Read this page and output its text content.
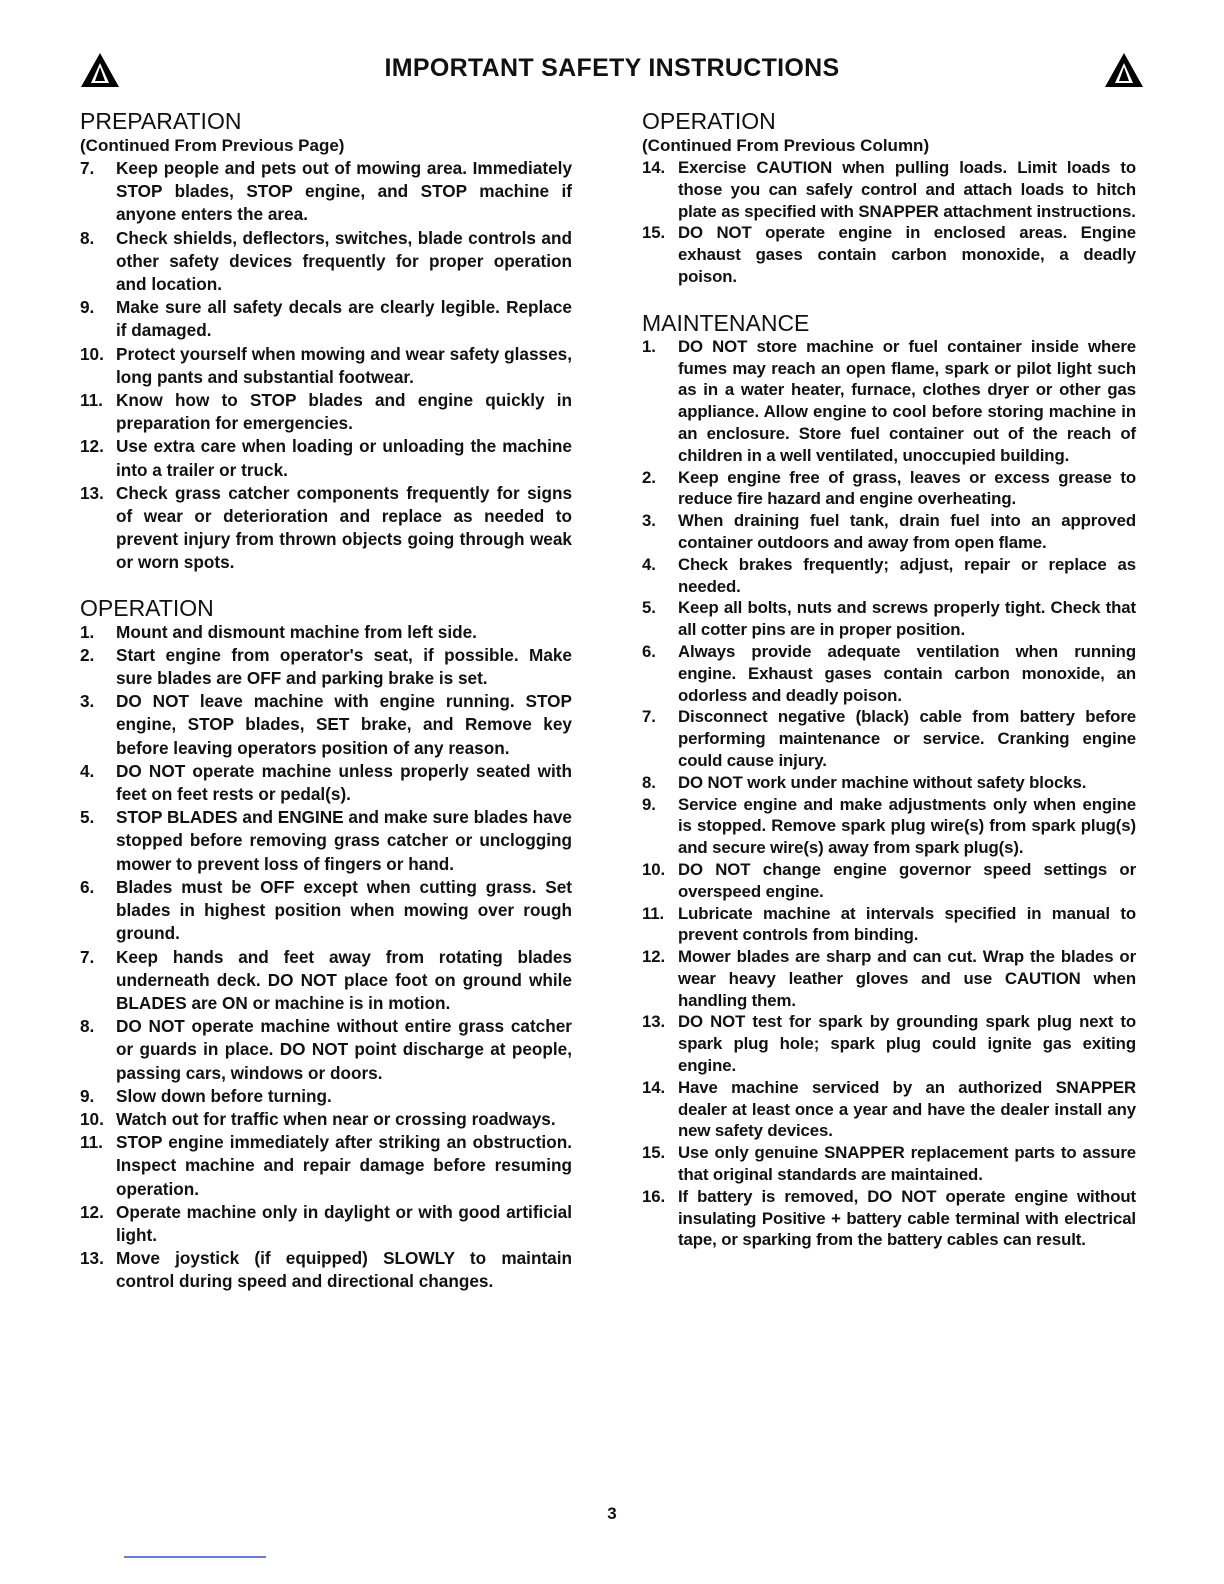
IMPORTANT SAFETY INSTRUCTIONS
PREPARATION

(Continued From Previous Page)

7. Keep people and pets out of mowing area. Immediately STOP blades, STOP engine, and STOP machine if anyone enters the area.
8. Check shields, deflectors, switches, blade controls and other safety devices frequently for proper operation and location.
9. Make sure all safety decals are clearly legible. Replace if damaged.
10. Protect yourself when mowing and wear safety glasses, long pants and substantial footwear.
11. Know how to STOP blades and engine quickly in preparation for emergencies.
12. Use extra care when loading or unloading the machine into a trailer or truck.
13. Check grass catcher components frequently for signs of wear or deterioration and replace as needed to prevent injury from thrown objects going through weak or worn spots.
OPERATION
1. Mount and dismount machine from left side.
2. Start engine from operator's seat, if possible. Make sure blades are OFF and parking brake is set.
3. DO NOT leave machine with engine running. STOP engine, STOP blades, SET brake, and Remove key before leaving operators position of any reason.
4. DO NOT operate machine unless properly seated with feet on feet rests or pedal(s).
5. STOP BLADES and ENGINE and make sure blades have stopped before removing grass catcher or unclogging mower to prevent loss of fingers or hand.
6. Blades must be OFF except when cutting grass. Set blades in highest position when mowing over rough ground.
7. Keep hands and feet away from rotating blades underneath deck. DO NOT place foot on ground while BLADES are ON or machine is in motion.
8. DO NOT operate machine without entire grass catcher or guards in place. DO NOT point discharge at people, passing cars, windows or doors.
9. Slow down before turning.
10. Watch out for traffic when near or crossing roadways.
11. STOP engine immediately after striking an obstruction. Inspect machine and repair damage before resuming operation.
12. Operate machine only in daylight or with good artificial light.
13. Move joystick (if equipped) SLOWLY to maintain control during speed and directional changes.
OPERATION

(Continued From Previous Column)

14. Exercise CAUTION when pulling loads. Limit loads to those you can safely control and attach loads to hitch plate as specified with SNAPPER attachment instructions.
15. DO NOT operate engine in enclosed areas. Engine exhaust gases contain carbon monoxide, a deadly poison.
MAINTENANCE
1. DO NOT store machine or fuel container inside where fumes may reach an open flame, spark or pilot light such as in a water heater, furnace, clothes dryer or other gas appliance. Allow engine to cool before storing machine in an enclosure. Store fuel container out of the reach of children in a well ventilated, unoccupied building.
2. Keep engine free of grass, leaves or excess grease to reduce fire hazard and engine overheating.
3. When draining fuel tank, drain fuel into an approved container outdoors and away from open flame.
4. Check brakes frequently; adjust, repair or replace as needed.
5. Keep all bolts, nuts and screws properly tight. Check that all cotter pins are in proper position.
6. Always provide adequate ventilation when running engine. Exhaust gases contain carbon monoxide, an odorless and deadly poison.
7. Disconnect negative (black) cable from battery before performing maintenance or service. Cranking engine could cause injury.
8. DO NOT work under machine without safety blocks.
9. Service engine and make adjustments only when engine is stopped. Remove spark plug wire(s) from spark plug(s) and secure wire(s) away from spark plug(s).
10. DO NOT change engine governor speed settings or overspeed engine.
11. Lubricate machine at intervals specified in manual to prevent controls from binding.
12. Mower blades are sharp and can cut. Wrap the blades or wear heavy leather gloves and use CAUTION when handling them.
13. DO NOT test for spark by grounding spark plug next to spark plug hole; spark plug could ignite gas exiting engine.
14. Have machine serviced by an authorized SNAPPER dealer at least once a year and have the dealer install any new safety devices.
15. Use only genuine SNAPPER replacement parts to assure that original standards are maintained.
16. If battery is removed, DO NOT operate engine without insulating Positive + battery cable terminal with electrical tape, or sparking from the battery cables can result.
3
